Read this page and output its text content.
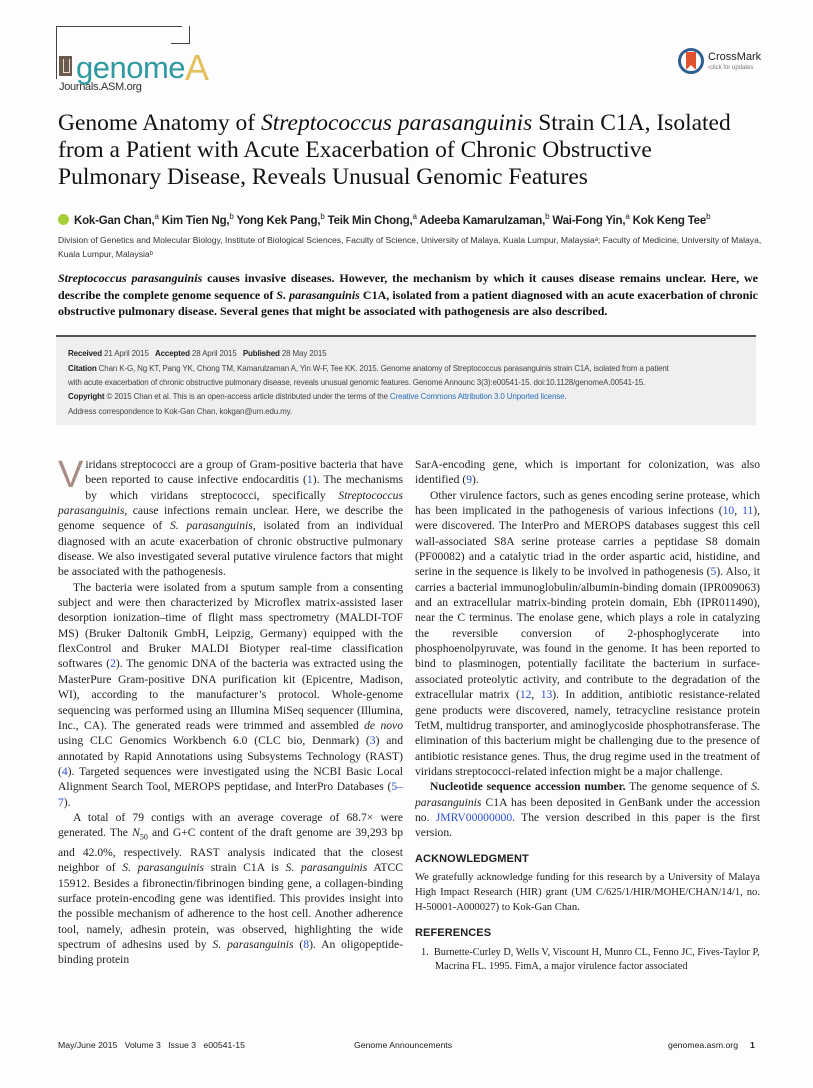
genomeA
Journals.ASM.org
CrossMark
‹ click for updates
Genome Anatomy of Streptococcus parasanguinis Strain C1A, Isolated from a Patient with Acute Exacerbation of Chronic Obstructive Pulmonary Disease, Reveals Unusual Genomic Features
Kok-Gan Chan,$^a$ Kim Tien Ng,$^b$ Yong Kek Pang,$^b$ Teik Min Chong,$^a$ Adeeba Kamarulzaman,$^b$ Wai-Fong Yin,$^a$ Kok Keng Tee$^b$
Division of Genetics and Molecular Biology, Institute of Biological Sciences, Faculty of Science, University of Malaya, Kuala Lumpur, Malaysiaᵃ; Faculty of Medicine, University of Malaya, Kuala Lumpur, Malaysiaᵇ
Streptococcus parasanguinis causes invasive diseases. However, the mechanism by which it causes disease remains unclear. Here, we describe the complete genome sequence of S. parasanguinis C1A, isolated from a patient diagnosed with an acute exacerbation of chronic obstructive pulmonary disease. Several genes that might be associated with pathogenesis are also described.
Received 21 April 2015 Accepted 28 April 2015 Published 28 May 2015
Citation Chan K-G, Ng KT, Pang YK, Chong TM, Kamarulzaman A, Yin W-F, Tee KK. 2015. Genome anatomy of Streptococcus parasanguinis strain C1A, isolated from a patient
with acute exacerbation of chronic obstructive pulmonary disease, reveals unusual genomic features. Genome Announc 3(3):e00541-15. doi:10.1128/genomeA.00541-15.
Copyright © 2015 Chan et al. This is an open-access article distributed under the terms of the Creative Commons Attribution 3.0 Unported license.
Address correspondence to Kok-Gan Chan, kokgan@um.edu.my.

Viridans streptococci are a group of Gram-positive bacteria that have been reported to cause infective endocarditis (1). The mechanisms by which viridans streptococci, specifically Streptococcus parasanguinis, cause infections remain unclear. Here, we describe the genome sequence of S. parasanguinis, isolated from an individual diagnosed with an acute exacerbation of chronic obstructive pulmonary disease. We also investigated several putative virulence factors that might be associated with the pathogenesis.

The bacteria were isolated from a sputum sample from a consenting subject and were then characterized by Microflex matrix-assisted laser desorption ionization–time of flight mass spectrometry (MALDI-TOF MS) (Bruker Daltonik GmbH, Leipzig, Germany) equipped with the flexControl and Bruker MALDI Biotyper real-time classification softwares (2). The genomic DNA of the bacteria was extracted using the MasterPure Gram-positive DNA purification kit (Epicentre, Madison, WI), according to the manufacturer’s protocol. Whole-genome sequencing was performed using an Illumina MiSeq sequencer (Illumina, Inc., CA). The generated reads were trimmed and assembled de novo using CLC Genomics Workbench 6.0 (CLC bio, Denmark) (3) and annotated by Rapid Annotations using Subsystems Technology (RAST) (4). Targeted sequences were investigated using the NCBI Basic Local Alignment Search Tool, MEROPS peptidase, and InterPro Databases (5–7).

A total of 79 contigs with an average coverage of 68.7× were generated. The $N_{50}$ and G+C content of the draft genome are 39,293 bp and 42.0%, respectively. RAST analysis indicated that the closest neighbor of S. parasanguinis strain C1A is S. parasanguinis ATCC 15912. Besides a fibronectin/fibrinogen binding gene, a collagen-binding surface protein-encoding gene was identified. This provides insight into the possible mechanism of adherence to the host cell. Another adherence tool, namely, adhesin protein, was observed, highlighting the wide spectrum of adhesins used by S. parasanguinis (8). An oligopeptide-binding protein

SarA-encoding gene, which is important for colonization, was also identified (9).

Other virulence factors, such as genes encoding serine protease, which has been implicated in the pathogenesis of various infections (10, 11), were discovered. The InterPro and MEROPS databases suggest this cell wall-associated S8A serine protease carries a peptidase S8 domain (PF00082) and a catalytic triad in the order aspartic acid, histidine, and serine in the sequence is likely to be involved in pathogenesis (5). Also, it carries a bacterial immunoglobulin/albumin-binding domain (IPR009063) and an extracellular matrix-binding protein domain, Ebh (IPR011490), near the C terminus. The enolase gene, which plays a role in catalyzing the reversible conversion of 2-phosphoglycerate into phosphoenolpyruvate, was found in the genome. It has been reported to bind to plasminogen, potentially facilitate the bacterium in surface-associated proteolytic activity, and contribute to the degradation of the extracellular matrix (12, 13). In addition, antibiotic resistance-related gene products were discovered, namely, tetracycline resistance protein TetM, multidrug transporter, and aminoglycoside phosphotransferase. The elimination of this bacterium might be challenging due to the presence of antibiotic resistance genes. Thus, the drug regime used in the treatment of viridans streptococci-related infection might be a major challenge.

Nucleotide sequence accession number. The genome sequence of S. parasanguinis C1A has been deposited in GenBank under the accession no. JMRV00000000. The version described in this paper is the first version.

ACKNOWLEDGMENT

We gratefully acknowledge funding for this research by a University of Malaya High Impact Research (HIR) grant (UM C/625/1/HIR/MOHE/CHAN/14/1, no. H-50001-A000027) to Kok-Gan Chan.

REFERENCES

1. Burnette-Curley D, Wells V, Viscount H, Munro CL, Fenno JC, Fives-Taylor P, Macrina FL. 1995. FimA, a major virulence factor associated

May/June 2015   Volume 3   Issue 3   e00541-15	Genome Announcements	genomea.asm.org 1
